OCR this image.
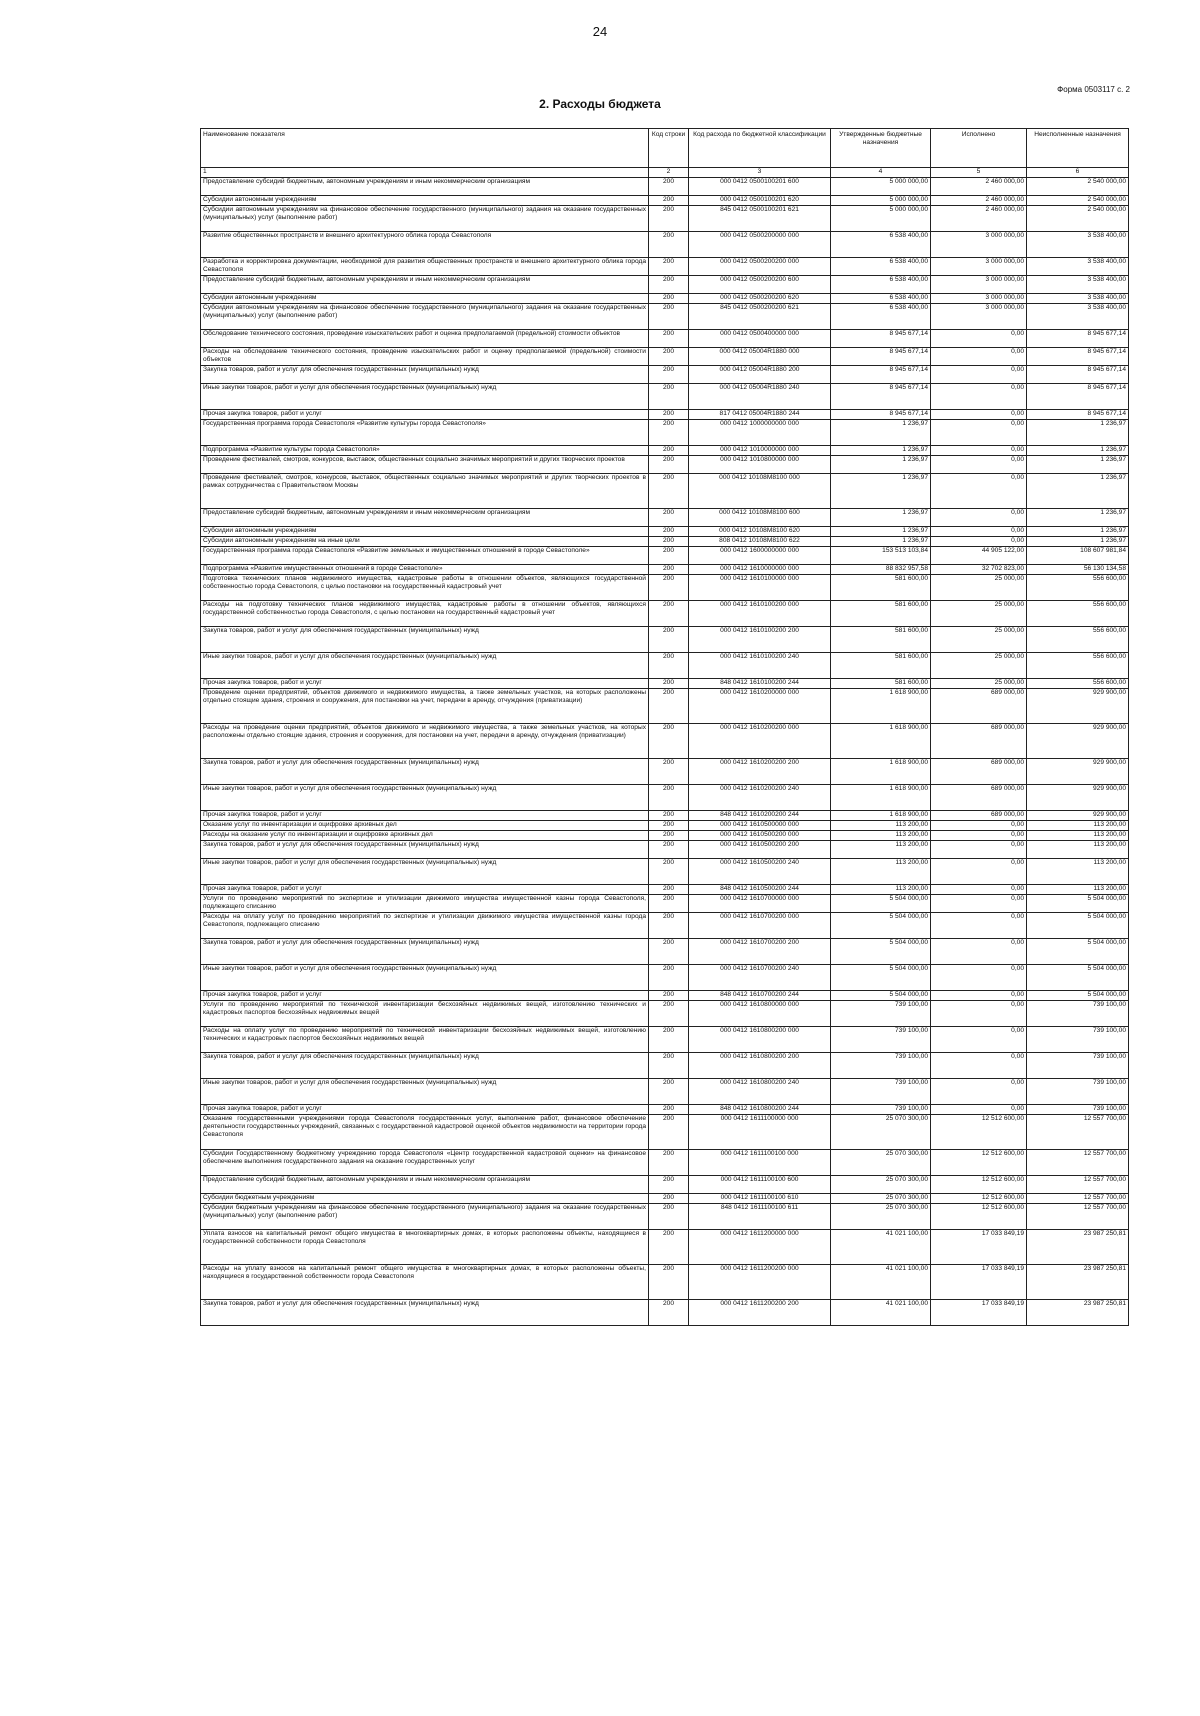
24
Форма 0503117 с. 2
2. Расходы бюджета
Наименование показателя	Код строки	Код расхода по бюджетной классификации	Утвержденные бюджетные назначения	Исполнено	Неисполненные назначения
1	2	3	4	5	6
Предоставление субсидий бюджетным, автономным учреждениям и иным некоммерческим организациям	200	000 0412 0500100201 600	5 000 000,00	2 460 000,00	2 540 000,00
Субсидии автономным учреждениям	200	000 0412 0500100201 620	5 000 000,00	2 460 000,00	2 540 000,00
Субсидии автономным учреждениям на финансовое обеспечение государственного (муниципального) задания на оказание государственных (муниципальных) услуг (выполнение работ)	200	845 0412 0500100201 621	5 000 000,00	2 460 000,00	2 540 000,00
Развитие общественных пространств и внешнего архитектурного облика города Севастополя	200	000 0412 0500200000 000	6 538 400,00	3 000 000,00	3 538 400,00
Разработка и корректировка документации, необходимой для развития общественных пространств и внешнего архитектурного облика города Севастополя	200	000 0412 0500200200 000	6 538 400,00	3 000 000,00	3 538 400,00
Предоставление субсидий бюджетным, автономным учреждениям и иным некоммерческим организациям	200	000 0412 0500200200 600	6 538 400,00	3 000 000,00	3 538 400,00
Субсидии автономным учреждениям	200	000 0412 0500200200 620	6 538 400,00	3 000 000,00	3 538 400,00
Субсидии автономным учреждениям на финансовое обеспечение государственного (муниципального) задания на оказание государственных (муниципальных) услуг (выполнение работ)	200	845 0412 0500200200 621	6 538 400,00	3 000 000,00	3 538 400,00
Обследование технического состояния, проведение изыскательских работ и оценка предполагаемой (предельной) стоимости объектов	200	000 0412 0500400000 000	8 945 677,14	0,00	8 945 677,14
Расходы на обследование технического состояния, проведение изыскательских работ и оценку предполагаемой (предельной) стоимости объектов	200	000 0412 05004R1880 000	8 945 677,14	0,00	8 945 677,14
Закупка товаров, работ и услуг для обеспечения государственных (муниципальных) нужд	200	000 0412 05004R1880 200	8 945 677,14	0,00	8 945 677,14
Иные закупки товаров, работ и услуг для обеспечения государственных (муниципальных) нужд	200	000 0412 05004R1880 240	8 945 677,14	0,00	8 945 677,14
Прочая закупка товаров, работ и услуг	200	817 0412 05004R1880 244	8 945 677,14	0,00	8 945 677,14
Государственная программа города Севастополя «Развитие культуры города Севастополя»	200	000 0412 1000000000 000	1 236,97	0,00	1 236,97
Подпрограмма «Развитие культуры города Севастополя»	200	000 0412 1010000000 000	1 236,97	0,00	1 236,97
Проведение фестивалей, смотров, конкурсов, выставок, общественных социально значимых мероприятий и других творческих проектов	200	000 0412 1010800000 000	1 236,97	0,00	1 236,97
Проведение фестивалей, смотров, конкурсов, выставок, общественных социально значимых мероприятий и других творческих проектов в рамках сотрудничества с Правительством Москвы	200	000 0412 10108М8100 000	1 236,97	0,00	1 236,97
Предоставление субсидий бюджетным, автономным учреждениям и иным некоммерческим организациям	200	000 0412 10108М8100 600	1 236,97	0,00	1 236,97
Субсидии автономным учреждениям	200	000 0412 10108М8100 620	1 236,97	0,00	1 236,97
Субсидии автономным учреждениям на иные цели	200	808 0412 10108М8100 622	1 236,97	0,00	1 236,97
Государственная программа города Севастополя «Развитие земельных и имущественных отношений в городе Севастополе»	200	000 0412 1600000000 000	153 513 103,84	44 905 122,00	108 607 981,84
Подпрограмма «Развитие имущественных отношений в городе Севастополе»	200	000 0412 1610000000 000	88 832 957,58	32 702 823,00	56 130 134,58
Подготовка технических планов недвижимого имущества, кадастровые работы в отношении объектов, являющихся государственной собственностью города Севастополя, с целью постановки на государственный кадастровый учет	200	000 0412 1610100000 000	581 600,00	25 000,00	556 600,00
Расходы на подготовку технических планов недвижимого имущества, кадастровые работы в отношении объектов, являющихся государственной собственностью города Севастополя, с целью постановки на государственный кадастровый учет	200	000 0412 1610100200 000	581 600,00	25 000,00	556 600,00
Закупка товаров, работ и услуг для обеспечения государственных (муниципальных) нужд	200	000 0412 1610100200 200	581 600,00	25 000,00	556 600,00
Иные закупки товаров, работ и услуг для обеспечения государственных (муниципальных) нужд	200	000 0412 1610100200 240	581 600,00	25 000,00	556 600,00
Прочая закупка товаров, работ и услуг	200	848 0412 1610100200 244	581 600,00	25 000,00	556 600,00
Проведение оценки предприятий, объектов движимого и недвижимого имущества, а также земельных участков, на которых расположены отдельно стоящие здания, строения и сооружения, для постановки на учет, передачи в аренду, отчуждения (приватизации)	200	000 0412 1610200000 000	1 618 900,00	689 000,00	929 900,00
Расходы на проведение оценки предприятий, объектов движимого и недвижимого имущества, а также земельных участков, на которых расположены отдельно стоящие здания, строения и сооружения, для постановки на учет, передачи в аренду, отчуждения (приватизации)	200	000 0412 1610200200 000	1 618 900,00	689 000,00	929 900,00
Закупка товаров, работ и услуг для обеспечения государственных (муниципальных) нужд	200	000 0412 1610200200 200	1 618 900,00	689 000,00	929 900,00
Иные закупки товаров, работ и услуг для обеспечения государственных (муниципальных) нужд	200	000 0412 1610200200 240	1 618 900,00	689 000,00	929 900,00
Прочая закупка товаров, работ и услуг	200	848 0412 1610200200 244	1 618 900,00	689 000,00	929 900,00
Оказание услуг по инвентаризации и оцифровке архивных дел	200	000 0412 1610500000 000	113 200,00	0,00	113 200,00
Расходы на оказание услуг по инвентаризации и оцифровке архивных дел	200	000 0412 1610500200 000	113 200,00	0,00	113 200,00
Закупка товаров, работ и услуг для обеспечения государственных (муниципальных) нужд	200	000 0412 1610500200 200	113 200,00	0,00	113 200,00
Иные закупки товаров, работ и услуг для обеспечения государственных (муниципальных) нужд	200	000 0412 1610500200 240	113 200,00	0,00	113 200,00
Прочая закупка товаров, работ и услуг	200	848 0412 1610500200 244	113 200,00	0,00	113 200,00
Услуги по проведению мероприятий по экспертизе и утилизации движимого имущества имущественной казны города Севастополя, подлежащего списанию	200	000 0412 1610700000 000	5 504 000,00	0,00	5 504 000,00
Расходы на оплату услуг по проведению мероприятий по экспертизе и утилизации движимого имущества имущественной казны города Севастополя, подлежащего списанию	200	000 0412 1610700200 000	5 504 000,00	0,00	5 504 000,00
Закупка товаров, работ и услуг для обеспечения государственных (муниципальных) нужд	200	000 0412 1610700200 200	5 504 000,00	0,00	5 504 000,00
Иные закупки товаров, работ и услуг для обеспечения государственных (муниципальных) нужд	200	000 0412 1610700200 240	5 504 000,00	0,00	5 504 000,00
Прочая закупка товаров, работ и услуг	200	848 0412 1610700200 244	5 504 000,00	0,00	5 504 000,00
Услуги по проведению мероприятий по технической инвентаризации бесхозяйных недвижимых вещей, изготовлению технических и кадастровых паспортов бесхозяйных недвижимых вещей	200	000 0412 1610800000 000	739 100,00	0,00	739 100,00
Расходы на оплату услуг по проведению мероприятий по технической инвентаризации бесхозяйных недвижимых вещей, изготовлению технических и кадастровых паспортов бесхозяйных недвижимых вещей	200	000 0412 1610800200 000	739 100,00	0,00	739 100,00
Закупка товаров, работ и услуг для обеспечения государственных (муниципальных) нужд	200	000 0412 1610800200 200	739 100,00	0,00	739 100,00
Иные закупки товаров, работ и услуг для обеспечения государственных (муниципальных) нужд	200	000 0412 1610800200 240	739 100,00	0,00	739 100,00
Прочая закупка товаров, работ и услуг	200	848 0412 1610800200 244	739 100,00	0,00	739 100,00
Оказание государственными учреждениями города Севастополя государственных услуг, выполнение работ, финансовое обеспечение деятельности государственных учреждений, связанных с государственной кадастровой оценкой объектов недвижимости на территории города Севастополя	200	000 0412 1611100000 000	25 070 300,00	12 512 600,00	12 557 700,00
Субсидии Государственному бюджетному учреждению города Севастополя «Центр государственной кадастровой оценки» на финансовое обеспечение выполнения государственного задания на оказание государственных услуг	200	000 0412 1611100100 000	25 070 300,00	12 512 600,00	12 557 700,00
Предоставление субсидий бюджетным, автономным учреждениям и иным некоммерческим организациям	200	000 0412 1611100100 600	25 070 300,00	12 512 600,00	12 557 700,00
Субсидии бюджетным учреждениям	200	000 0412 1611100100 610	25 070 300,00	12 512 600,00	12 557 700,00
Субсидии бюджетным учреждениям на финансовое обеспечение государственного (муниципального) задания на оказание государственных (муниципальных) услуг (выполнение работ)	200	848 0412 1611100100 611	25 070 300,00	12 512 600,00	12 557 700,00
Уплата взносов на капитальный ремонт общего имущества в многоквартирных домах, в которых расположены объекты, находящиеся в государственной собственности города Севастополя	200	000 0412 1611200000 000	41 021 100,00	17 033 849,19	23 987 250,81
Расходы на уплату взносов на капитальный ремонт общего имущества в многоквартирных домах, в которых расположены объекты, находящиеся в государственной собственности города Севастополя	200	000 0412 1611200200 000	41 021 100,00	17 033 849,19	23 987 250,81
Закупка товаров, работ и услуг для обеспечения государственных (муниципальных) нужд	200	000 0412 1611200200 200	41 021 100,00	17 033 849,19	23 987 250,81
